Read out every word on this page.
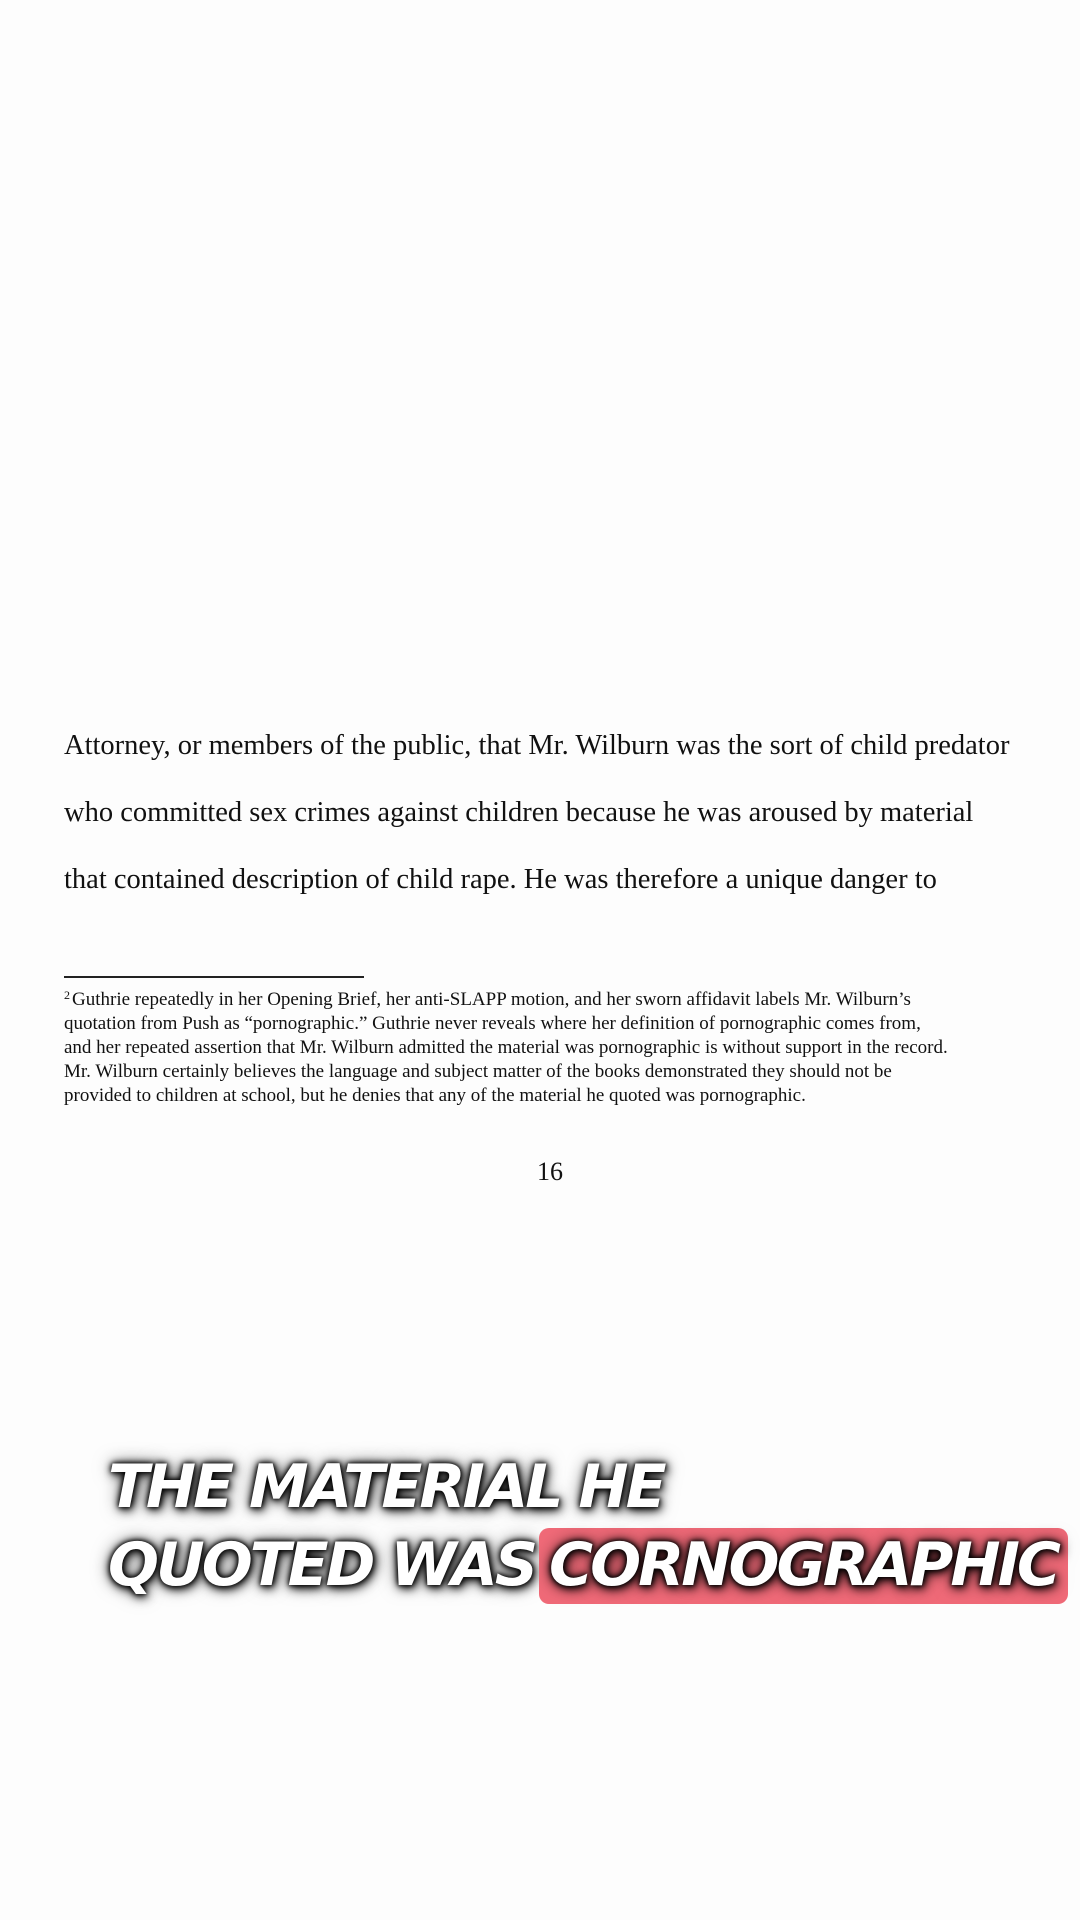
Attorney, or members of the public, that Mr. Wilburn was the sort of child predator
who committed sex crimes against children because he was aroused by material
that contained description of child rape. He was therefore a unique danger to
$^2$ Guthrie repeatedly in her Opening Brief, her anti-SLAPP motion, and her sworn affidavit labels Mr. Wilburn’s
quotation from Push as “pornographic.” Guthrie never reveals where her definition of pornographic comes from,
and her repeated assertion that Mr. Wilburn admitted the material was pornographic is without support in the record.
Mr. Wilburn certainly believes the language and subject matter of the books demonstrated they should not be
provided to children at school, but he denies that any of the material he quoted was pornographic.
16
THE MATERIAL HE
QUOTED WAS CORNOGRAPHIC
